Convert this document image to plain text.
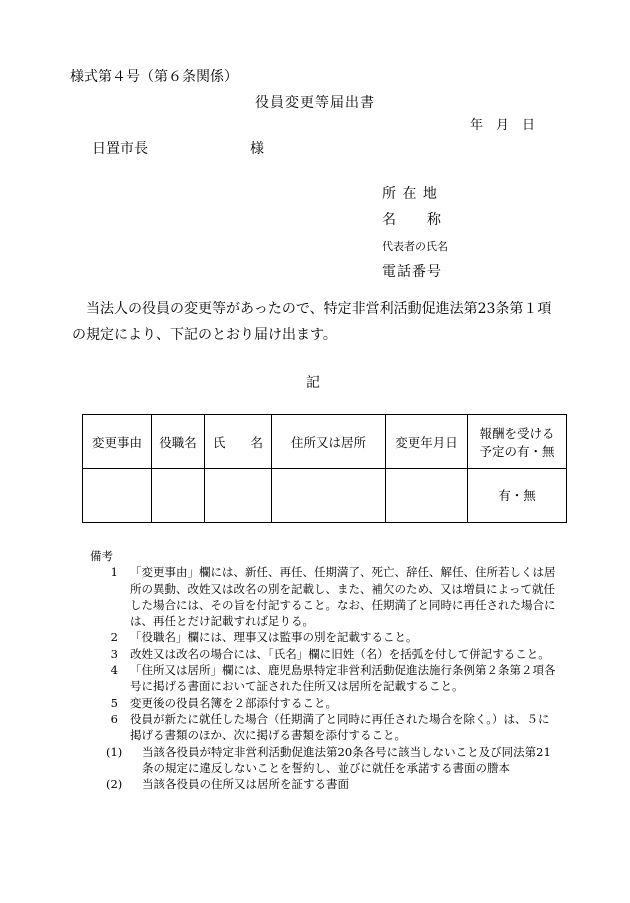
様式第４号（第６条関係）
役員変更等届出書
年　月　日
日置市長	様
所 在 地
名　　称
代表者の氏名
電話番号
当法人の役員の変更等があったので、特定非営利活動促進法第23条第１項の規定により、下記のとおり届け出ます。
記
変更事由	役職名	氏　　名	住所又は居所	変更年月日	報酬を受ける予定の有・無
					有・無
備考
1	「変更事由」欄には、新任、再任、任期満了、死亡、辞任、解任、住所若しくは居所の異動、改姓又は改名の別を記載し、また、補欠のため、又は増員によって就任した場合には、その旨を付記すること。なお、任期満了と同時に再任された場合には、再任とだけ記載すれば足りる。
2	「役職名」欄には、理事又は監事の別を記載すること。
3	改姓又は改名の場合には、「氏名」欄に旧姓（名）を括弧を付して併記すること。
4	「住所又は居所」欄には、鹿児島県特定非営利活動促進法施行条例第２条第２項各号に掲げる書面において証された住所又は居所を記載すること。
5	変更後の役員名簿を２部添付すること。
6	役員が新たに就任した場合（任期満了と同時に再任された場合を除く。）は、５に掲げる書類のほか、次に掲げる書類を添付すること。
(1)	当該各役員が特定非営利活動促進法第20条各号に該当しないこと及び同法第21条の規定に違反しないことを誓約し、並びに就任を承諾する書面の謄本
(2)	当該各役員の住所又は居所を証する書面
